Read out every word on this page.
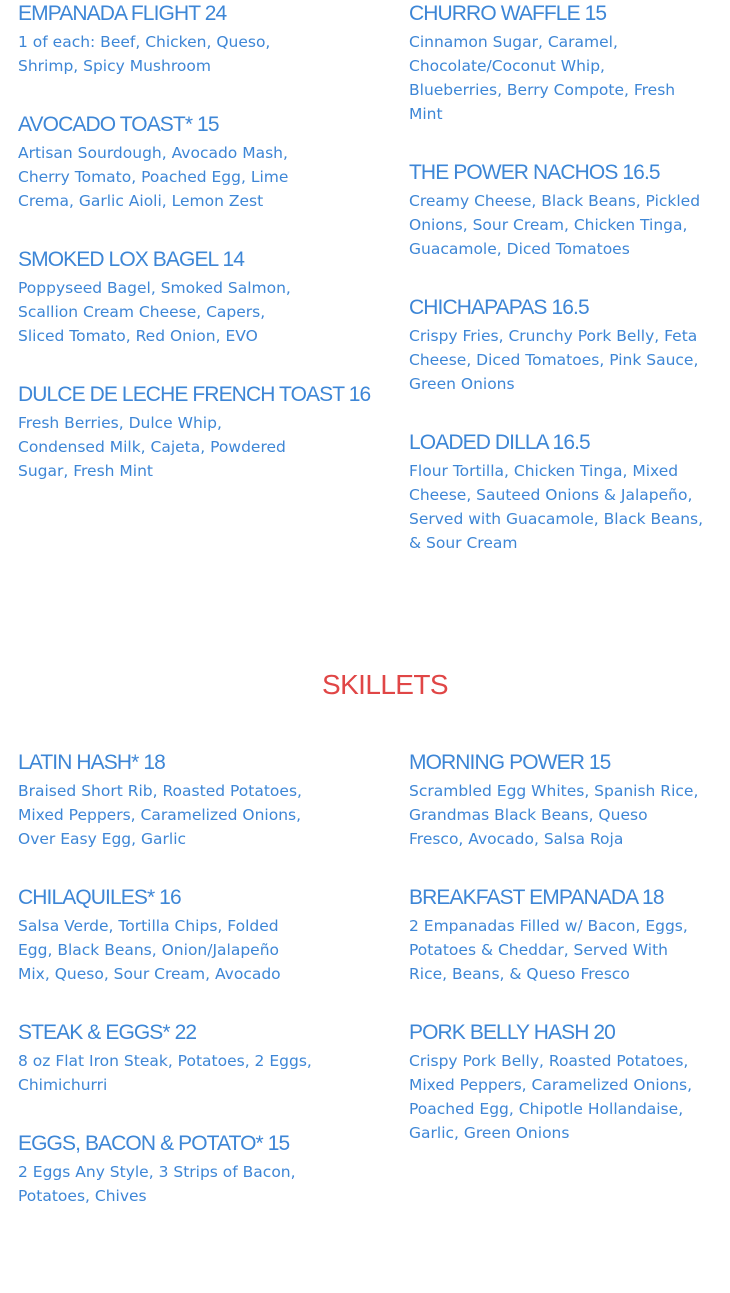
EMPANADA FLIGHT 24
1 of each: Beef, Chicken, Queso,
Shrimp, Spicy Mushroom
AVOCADO TOAST* 15
Artisan Sourdough, Avocado Mash,
Cherry Tomato, Poached Egg, Lime
Crema, Garlic Aioli, Lemon Zest
SMOKED LOX BAGEL 14
Poppyseed Bagel, Smoked Salmon,
Scallion Cream Cheese, Capers,
Sliced Tomato, Red Onion, EVO
DULCE DE LECHE FRENCH TOAST 16
Fresh Berries, Dulce Whip,
Condensed Milk, Cajeta, Powdered
Sugar, Fresh Mint
CHURRO WAFFLE 15
Cinnamon Sugar, Caramel,
Chocolate/Coconut Whip,
Blueberries, Berry Compote, Fresh
Mint
THE POWER NACHOS 16.5
Creamy Cheese, Black Beans, Pickled
Onions, Sour Cream, Chicken Tinga,
Guacamole, Diced Tomatoes
CHICHAPAPAS 16.5
Crispy Fries, Crunchy Pork Belly, Feta
Cheese, Diced Tomatoes, Pink Sauce,
Green Onions
LOADED DILLA 16.5
Flour Tortilla, Chicken Tinga, Mixed
Cheese, Sauteed Onions & Jalapeño,
Served with Guacamole, Black Beans,
& Sour Cream
SKILLETS
LATIN HASH* 18
Braised Short Rib, Roasted Potatoes,
Mixed Peppers, Caramelized Onions,
Over Easy Egg, Garlic
CHILAQUILES* 16
Salsa Verde, Tortilla Chips, Folded
Egg, Black Beans, Onion/Jalapeño
Mix, Queso, Sour Cream, Avocado
STEAK & EGGS* 22
8 oz Flat Iron Steak, Potatoes, 2 Eggs,
Chimichurri
EGGS, BACON & POTATO* 15
2 Eggs Any Style, 3 Strips of Bacon,
Potatoes, Chives
MORNING POWER 15
Scrambled Egg Whites, Spanish Rice,
Grandmas Black Beans, Queso
Fresco, Avocado, Salsa Roja
BREAKFAST EMPANADA 18
2 Empanadas Filled w/ Bacon, Eggs,
Potatoes & Cheddar, Served With
Rice, Beans, & Queso Fresco
PORK BELLY HASH 20
Crispy Pork Belly, Roasted Potatoes,
Mixed Peppers, Caramelized Onions,
Poached Egg, Chipotle Hollandaise,
Garlic, Green Onions
